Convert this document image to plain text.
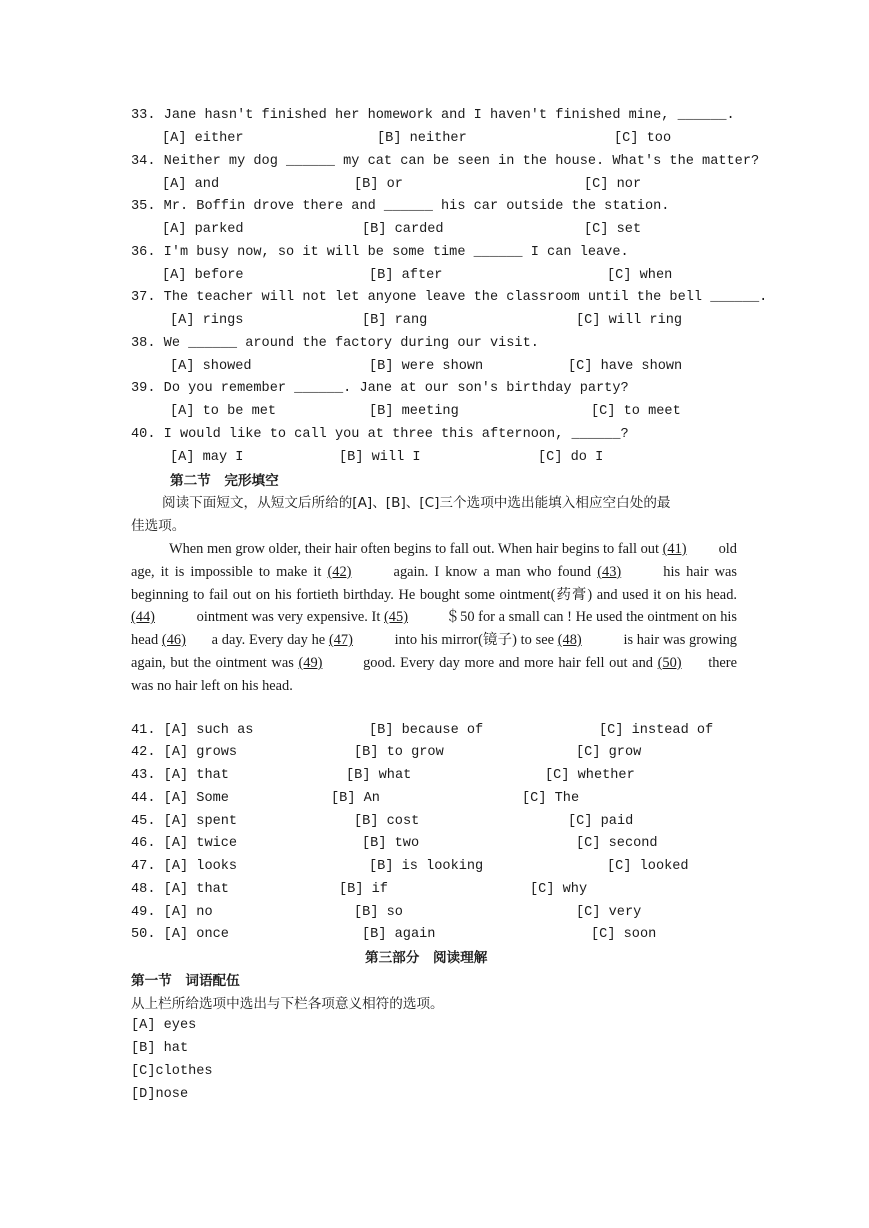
33. Jane hasn't finished her homework and I haven't finished mine, ______.
[A] either	[B] neither	[C] too
34. Neither my dog ______ my cat can be seen in the house. What's the matter?
[A] and	[B] or	[C] nor
35. Mr. Boffin drove there and ______ his car outside the station.
[A] parked	[B] carded	[C] set
36. I'm busy now, so it will be some time ______ I can leave.
[A] before	[B] after	[C] when
37. The teacher will not let anyone leave the classroom until the bell ______.
[A] rings	[B] rang	[C] will ring
38. We ______ around the factory during our visit.
[A] showed	[B] were shown	[C] have shown
39. Do you remember ______. Jane at our son's birthday party?
[A] to be met	[B] meeting	[C] to meet
40. I would like to call you at three this afternoon, ______?
[A] may I	[B] will I	[C] do I
第二节　完形填空
阅读下面短文，从短文后所给的[A]、[B]、[C]三个选项中选出能填入相应空白处的最
佳选项。
When men grow older, their hair often begins to fall out. When hair begins to fall out (41) old age, it is impossible to make it (42)	again. I know a man who found (43)	his hair was beginning to fail out on his fortieth birthday. He bought some ointment(药膏) and used it on his head. (44)	ointment was very expensive. It (45) ＄50 for a small can ! He used the ointment on his head (46) a day. Every day he (47)	into his mirror(镜子) to see (48)	is hair was growing again, but the ointment was (49)	good. Every day more and more hair fell out and (50) there was no hair left on his head.
41. [A] such as	[B] because of	[C] instead of
42. [A] grows	[B] to grow	[C] grow
43. [A] that	[B] what	[C] whether
44. [A] Some	[B] An	[C] The
45. [A] spent	[B] cost	[C] paid
46. [A] twice	[B] two	[C] second
47. [A] looks	[B] is looking	[C] looked
48. [A] that	[B] if	[C] why
49. [A] no	[B] so	[C] very
50. [A] once	[B] again	[C] soon
第三部分　阅读理解
第一节　词语配伍
从上栏所给选项中选出与下栏各项意义相符的选项。
[A] eyes
[B] hat
[C]clothes
[D]nose
